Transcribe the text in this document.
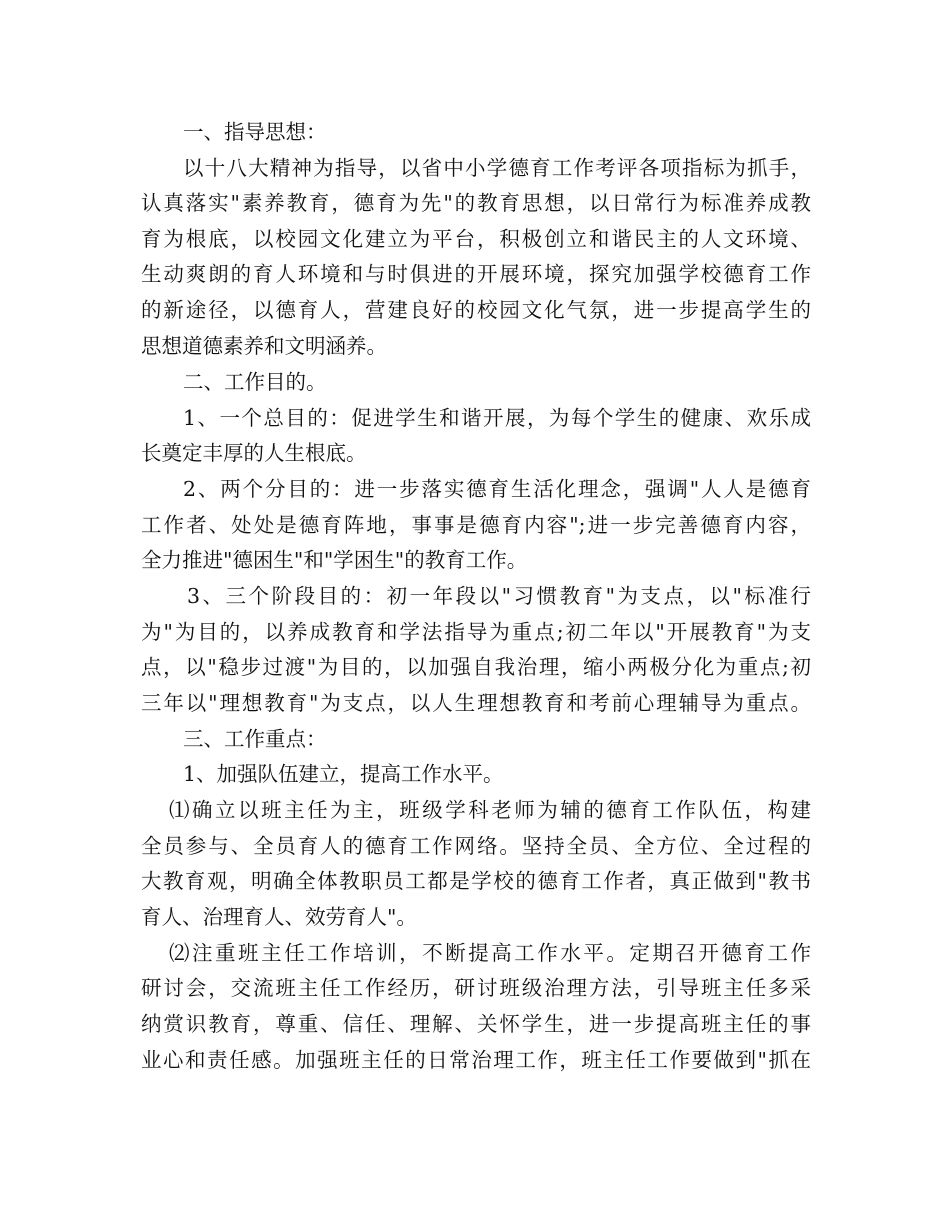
一、指导思想：
以十八大精神为指导，以省中小学德育工作考评各项指标为抓手，
认真落实"素养教育，德育为先"的教育思想，以日常行为标准养成教
育为根底，以校园文化建立为平台，积极创立和谐民主的人文环境、
生动爽朗的育人环境和与时俱进的开展环境，探究加强学校德育工作
的新途径，以德育人，营建良好的校园文化气氛，进一步提高学生的
思想道德素养和文明涵养。
二、工作目的。
1、一个总目的：促进学生和谐开展，为每个学生的健康、欢乐成
长奠定丰厚的人生根底。
2、两个分目的：进一步落实德育生活化理念，强调"人人是德育
工作者、处处是德育阵地，事事是德育内容";进一步完善德育内容，
全力推进"德困生"和"学困生"的教育工作。
3、三个阶段目的：初一年段以"习惯教育"为支点，以"标准行
为"为目的，以养成教育和学法指导为重点;初二年以"开展教育"为支
点，以"稳步过渡"为目的，以加强自我治理，缩小两极分化为重点;初
三年以"理想教育"为支点，以人生理想教育和考前心理辅导为重点。
三、工作重点：
1、加强队伍建立，提高工作水平。
⑴确立以班主任为主，班级学科老师为辅的德育工作队伍，构建
全员参与、全员育人的德育工作网络。坚持全员、全方位、全过程的
大教育观，明确全体教职员工都是学校的德育工作者，真正做到"教书
育人、治理育人、效劳育人"。
⑵注重班主任工作培训，不断提高工作水平。定期召开德育工作
研讨会，交流班主任工作经历，研讨班级治理方法，引导班主任多采
纳赏识教育，尊重、信任、理解、关怀学生，进一步提高班主任的事
业心和责任感。加强班主任的日常治理工作，班主任工作要做到"抓在
